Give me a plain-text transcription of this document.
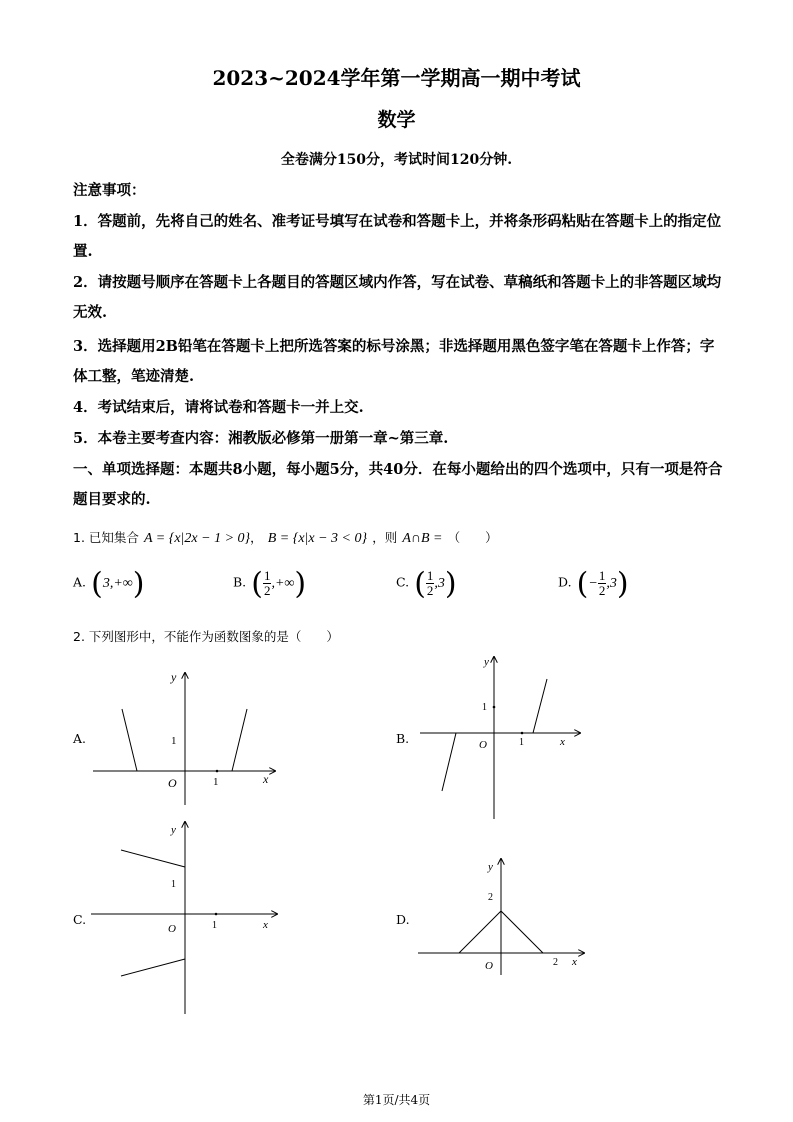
2023~2024学年第一学期高一期中考试
数学
全卷满分150分，考试时间120分钟.
注意事项：
1．答题前，先将自己的姓名、准考证号填写在试卷和答题卡上，并将条形码粘贴在答题卡上的指定位置.
2．请按题号顺序在答题卡上各题目的答题区域内作答，写在试卷、草稿纸和答题卡上的非答题区域均无效.
3．选择题用2B铅笔在答题卡上把所选答案的标号涂黑；非选择题用黑色签字笔在答题卡上作答；字体工整，笔迹清楚.
4．考试结束后，请将试卷和答题卡一并上交.
5．本卷主要考查内容：湘教版必修第一册第一章~第三章.
一、单项选择题：本题共8小题，每小题5分，共40分．在每小题给出的四个选项中，只有一项是符合题目要求的.
1. 已知集合 A = {x|2x − 1 > 0}， B = {x|x − 3 < 0} ，则 A∩B = （　　）
A. (3,+∞)	B. ( $\frac{1}{2}$ ,+∞)	C. ( $\frac{1}{2} ,3$)	D. (− $\frac{1}{2} ,3$)
2. 下列图形中，不能作为函数图象的是（　　）
A.
y
x
O	1
1	B.
y
x
O	1
1
C.
y
x
O	1
1
D.
y
x
O	2
2
第1页/共4页
